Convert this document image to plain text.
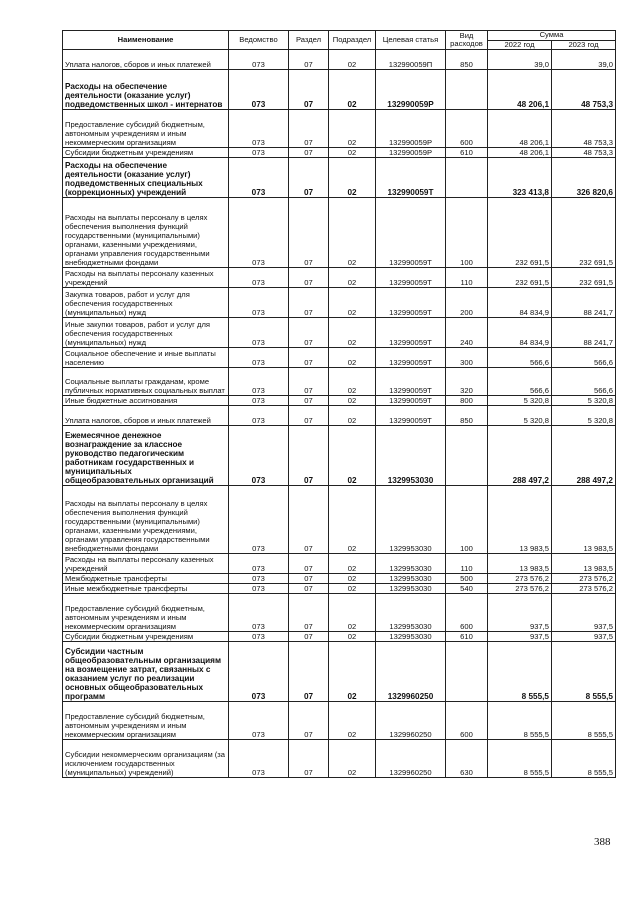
Наименование	Ведомство	Раздел	Подраздел	Целевая статья	Вид расходов	Сумма	
						2022 год	2023 год
Уплата налогов, сборов и иных платежей	073	07	02	132990059П	850	39,0	39,0
Расходы на обеспечение деятельности (оказание услуг) подведомственных школ - интернатов	073	07	02	132990059Р		48 206,1	48 753,3
Предоставление субсидий бюджетным, автономным учреждениям и иным некоммерческим организациям	073	07	02	132990059Р	600	48 206,1	48 753,3
Субсидии бюджетным учреждениям	073	07	02	132990059Р	610	48 206,1	48 753,3
Расходы на обеспечение деятельности (оказание услуг) подведомственных специальных (коррекционных) учреждений	073	07	02	132990059Т		323 413,8	326 820,6
Расходы на выплаты персоналу в целях обеспечения выполнения функций государственными (муниципальными) органами, казенными учреждениями, органами управления государственными внебюджетными фондами	073	07	02	132990059Т	100	232 691,5	232 691,5
Расходы на выплаты персоналу казенных учреждений	073	07	02	132990059Т	110	232 691,5	232 691,5
Закупка товаров, работ и услуг для обеспечения государственных (муниципальных) нужд	073	07	02	132990059Т	200	84 834,9	88 241,7
Иные закупки товаров, работ и услуг для обеспечения государственных (муниципальных) нужд	073	07	02	132990059Т	240	84 834,9	88 241,7
Социальное обеспечение и иные выплаты населению	073	07	02	132990059Т	300	566,6	566,6
Социальные выплаты гражданам, кроме публичных нормативных социальных выплат	073	07	02	132990059Т	320	566,6	566,6
Иные бюджетные ассигнования	073	07	02	132990059Т	800	5 320,8	5 320,8
Уплата налогов, сборов и иных платежей	073	07	02	132990059Т	850	5 320,8	5 320,8
Ежемесячное денежное вознаграждение за классное руководство педагогическим работникам государственных и муниципальных общеобразовательных организаций	073	07	02	1329953030		288 497,2	288 497,2
Расходы на выплаты персоналу в целях обеспечения выполнения функций государственными (муниципальными) органами, казенными учреждениями, органами управления государственными внебюджетными фондами	073	07	02	1329953030	100	13 983,5	13 983,5
Расходы на выплаты персоналу казенных учреждений	073	07	02	1329953030	110	13 983,5	13 983,5
Межбюджетные трансферты	073	07	02	1329953030	500	273 576,2	273 576,2
Иные межбюджетные трансферты	073	07	02	1329953030	540	273 576,2	273 576,2
Предоставление субсидий бюджетным, автономным учреждениям и иным некоммерческим организациям	073	07	02	1329953030	600	937,5	937,5
Субсидии бюджетным учреждениям	073	07	02	1329953030	610	937,5	937,5
Субсидии частным общеобразовательным организациям на возмещение затрат, связанных с оказанием услуг по реализации основных общеобразовательных программ	073	07	02	1329960250		8 555,5	8 555,5
Предоставление субсидий бюджетным, автономным учреждениям и иным некоммерческим организациям	073	07	02	1329960250	600	8 555,5	8 555,5
Субсидии некоммерческим организациям (за исключением государственных (муниципальных) учреждений)	073	07	02	1329960250	630	8 555,5	8 555,5
388
